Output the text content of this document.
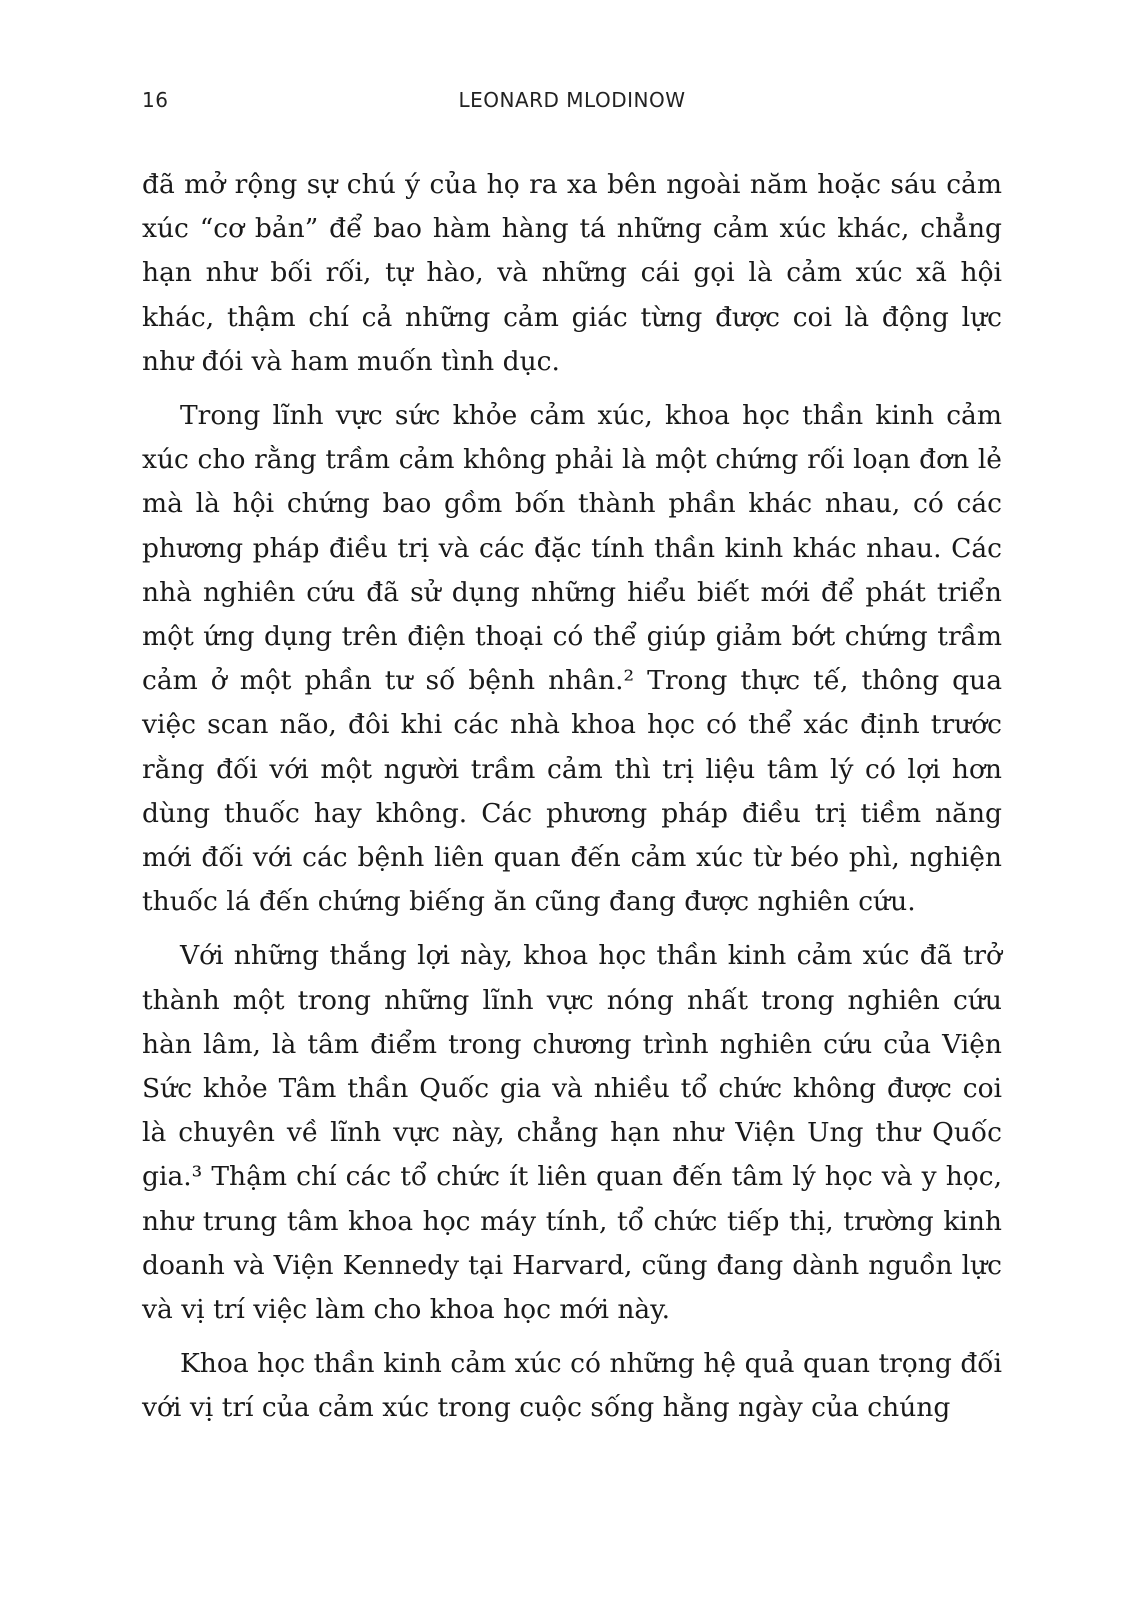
16	LEONARD MLODINOW

đã mở rộng sự chú ý của họ ra xa bên ngoài năm hoặc sáu cảm xúc “cơ bản” để bao hàm hàng tá những cảm xúc khác, chẳng hạn như bối rối, tự hào, và những cái gọi là cảm xúc xã hội khác, thậm chí cả những cảm giác từng được coi là động lực như đói và ham muốn tình dục.

Trong lĩnh vực sức khỏe cảm xúc, khoa học thần kinh cảm xúc cho rằng trầm cảm không phải là một chứng rối loạn đơn lẻ mà là hội chứng bao gồm bốn thành phần khác nhau, có các phương pháp điều trị và các đặc tính thần kinh khác nhau. Các nhà nghiên cứu đã sử dụng những hiểu biết mới để phát triển một ứng dụng trên điện thoại có thể giúp giảm bớt chứng trầm cảm ở một phần tư số bệnh nhân.² Trong thực tế, thông qua việc scan não, đôi khi các nhà khoa học có thể xác định trước rằng đối với một người trầm cảm thì trị liệu tâm lý có lợi hơn dùng thuốc hay không. Các phương pháp điều trị tiềm năng mới đối với các bệnh liên quan đến cảm xúc từ béo phì, nghiện thuốc lá đến chứng biếng ăn cũng đang được nghiên cứu.

Với những thắng lợi này, khoa học thần kinh cảm xúc đã trở thành một trong những lĩnh vực nóng nhất trong nghiên cứu hàn lâm, là tâm điểm trong chương trình nghiên cứu của Viện Sức khỏe Tâm thần Quốc gia và nhiều tổ chức không được coi là chuyên về lĩnh vực này, chẳng hạn như Viện Ung thư Quốc gia.³ Thậm chí các tổ chức ít liên quan đến tâm lý học và y học, như trung tâm khoa học máy tính, tổ chức tiếp thị, trường kinh doanh và Viện Kennedy tại Harvard, cũng đang dành nguồn lực và vị trí việc làm cho khoa học mới này.

Khoa học thần kinh cảm xúc có những hệ quả quan trọng đối với vị trí của cảm xúc trong cuộc sống hằng ngày của chúng
